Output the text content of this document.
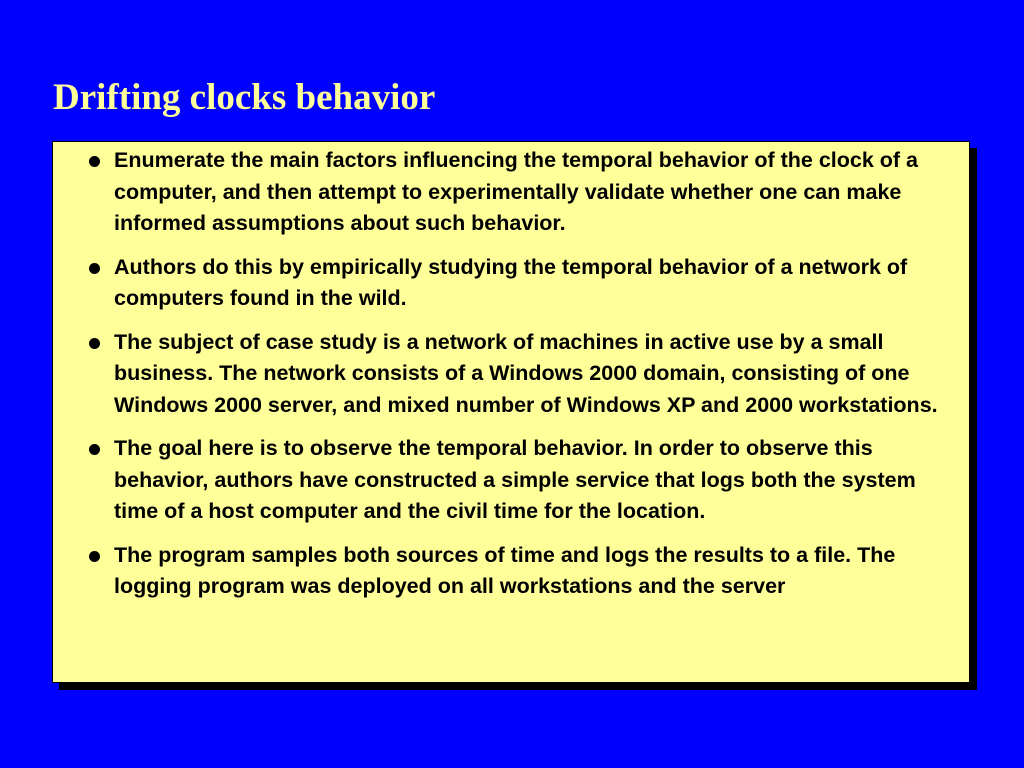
Drifting clocks behavior
Enumerate the main factors influencing the temporal behavior of the clock of a computer, and then attempt to experimentally validate whether one can make informed assumptions about such behavior.
Authors do this by empirically studying the temporal behavior of a network of computers found in the wild.
The subject of case study is a network of machines in active use by a small business. The network consists of a Windows 2000 domain, consisting of one Windows 2000 server, and mixed number of Windows XP and 2000 workstations.
The goal here is to observe the temporal behavior. In order to observe this behavior, authors have constructed a simple service that logs both the system time of a host computer and the civil time for the location.
The program samples both sources of time and logs the results to a file. The logging program was deployed on all workstations and the server
